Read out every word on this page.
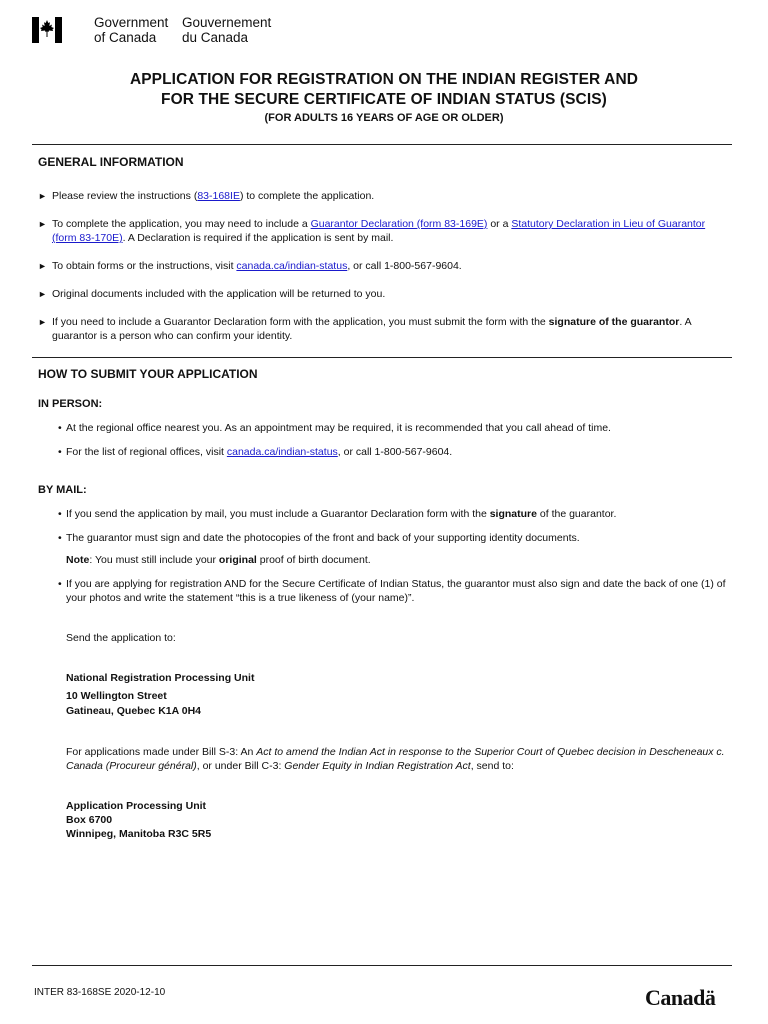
Government
of Canada
Gouvernement
du Canada
APPLICATION FOR REGISTRATION ON THE INDIAN REGISTER AND
FOR THE SECURE CERTIFICATE OF INDIAN STATUS (SCIS)
(FOR ADULTS 16 YEARS OF AGE OR OLDER)
GENERAL INFORMATION
► Please review the instructions (83-168IE) to complete the application.
► To complete the application, you may need to include a Guarantor Declaration (form 83-169E) or a Statutory Declaration in Lieu of Guarantor (form 83-170E). A Declaration is required if the application is sent by mail.
► To obtain forms or the instructions, visit canada.ca/indian-status, or call 1-800-567-9604.
► Original documents included with the application will be returned to you.
► If you need to include a Guarantor Declaration form with the application, you must submit the form with the signature of the guarantor. A guarantor is a person who can confirm your identity.
HOW TO SUBMIT YOUR APPLICATION
IN PERSON:
• At the regional office nearest you. As an appointment may be required, it is recommended that you call ahead of time.
• For the list of regional offices, visit canada.ca/indian-status, or call 1-800-567-9604.
BY MAIL:
• If you send the application by mail, you must include a Guarantor Declaration form with the signature of the guarantor.
• The guarantor must sign and date the photocopies of the front and back of your supporting identity documents.
Note: You must still include your original proof of birth document.
• If you are applying for registration AND for the Secure Certificate of Indian Status, the guarantor must also sign and date the back of one (1) of your photos and write the statement “this is a true likeness of (your name)”.
Send the application to:
National Registration Processing Unit
10 Wellington Street
Gatineau, Quebec K1A 0H4
For applications made under Bill S-3: An Act to amend the Indian Act in response to the Superior Court of Quebec decision in Descheneaux c. Canada (Procureur général), or under Bill C-3: Gender Equity in Indian Registration Act, send to:
Application Processing Unit
Box 6700
Winnipeg, Manitoba R3C 5R5
INTER 83-168SE 2020-12-10	Canadä
